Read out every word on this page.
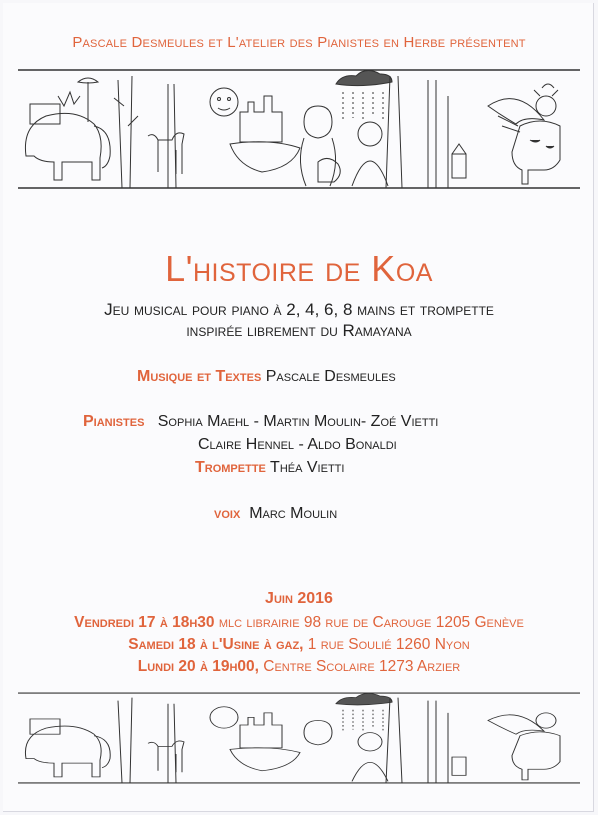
Pascale Desmeules et L'atelier des Pianistes en Herbe présentent
L'histoire de Koa
Jeu musical pour piano à 2, 4, 6, 8 mains et trompette
inspirée librement du Ramayana
Musique et Textes Pascale Desmeules
Pianistes Sophia Maehl - Martin Moulin- Zoé Vietti
Claire Hennel - Aldo Bonaldi
Trompette Théa Vietti
voix Marc Moulin
Juin 2016
Vendredi 17 à 18h30 mlc librairie 98 rue de Carouge 1205 Genève
Samedi 18 à l'Usine à gaz, 1 rue Soulié 1260 Nyon
Lundi 20 à 19h00, Centre Scolaire 1273 Arzier
